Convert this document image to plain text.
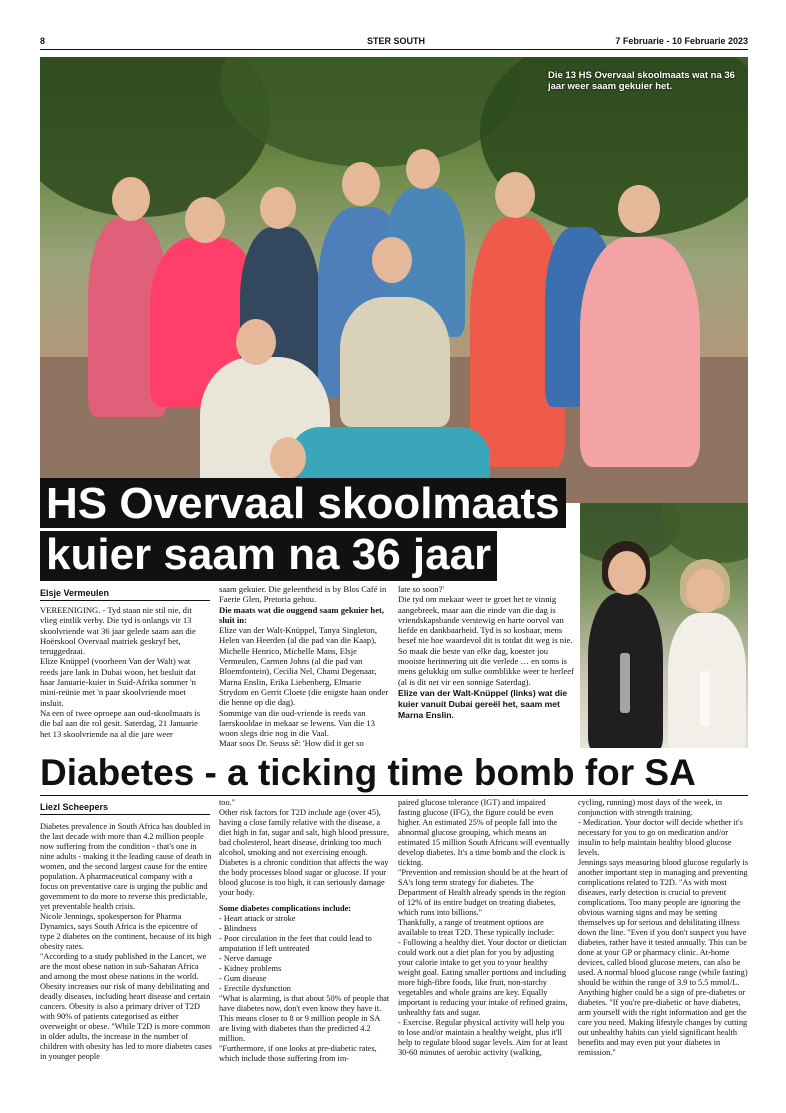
8	STER SOUTH	7 Februarie - 10 Februarie 2023
Die 13 HS Overvaal skoolmaats wat na 36 jaar weer saam gekuier het.
HS Overvaal skoolmaats
kuier saam na 36 jaar
Elsje Vermeulen

VEREENIGING. - Tyd staan nie stil nie, dit vlieg eintlik verby. Die tyd is onlangs vir 13 skoolvriende wat 36 jaar gelede saam aan die Hoërskool Overvaal matriek geskryf het, teruggedraai.

Elize Knüppel (voorheen Van der Walt) wat reeds jare lank in Dubai woon, het besluit dat haar Januarie-kuier in Suid-Afrika sommer 'n mini-reünie met 'n paar skoolvriende moet insluit.

Na een of twee oproepe aan oud-skoolmaats is die bal aan die rol gesit. Saterdag, 21 Januarie het 13 skoolvriende na al die jare weer

saam gekuier. Die geleentheid is by Blos Café in Faerie Glen, Pretoria gehou.

Die maats wat die ouggend saam gekuier het, sluit in:

Elize van der Walt-Knüppel, Tanya Singleton, Helen van Heerden (al die pad van die Kaap), Michelle Henrico, Michelle Mans, Elsje Vermeulen, Carmen Johns (al die pad van Bloemfontein), Cecilia Nel, Chami Degenaar, Marna Enslin, Erika Liebenberg, Elmarie Strydom en Gerrit Cloete (die enigste haan onder die henne op die dag).

Sommige van die oud-vriende is reeds van laerskooldae in mekaar se lewens. Van die 13 woon slegs drie nog in die Vaal.

Maar soos Dr. Seuss sê: 'How did it get so

late so soon?'

Die tyd om mekaar weer te groet het te vinnig aangebreek, maar aan die einde van die dag is vriendskapsbande verstewig en harte oorvol van liefde en dankbaarheid. Tyd is so kosbaar, mens besef nie hoe waardevol dit is totdat dit weg is nie.

So maak die beste van elke dag, koester jou mooiste herinnering uit die verlede … en soms is mens gelukkig om sulke oomblikke weer te herleef (al is dit net vir een sonnige Saterdag).

Elize van der Walt-Knüppel (links) wat die kuier vanuit Dubai gereël het, saam met Marna Enslin.
Diabetes - a ticking time bomb for SA
Liezl Scheepers

Diabetes prevalence in South Africa has doubled in the last decade with more than 4.2 million people now suffering from the condition - that's one in nine adults - making it the leading cause of death in women, and the second largest cause for the entire population. A pharmaceutical company with a focus on preventative care is urging the public and government to do more to reverse this predictable, yet preventable health crisis.

Nicole Jennings, spokesperson for Pharma Dynamics, says South Africa is the epicentre of type 2 diabetes on the continent, because of its high obesity rates.

"According to a study published in the Lancet, we are the most obese nation in sub-Saharan Africa and among the most obese nations in the world. Obesity increases our risk of many debilitating and deadly diseases, including heart disease and certain cancers. Obesity is also a primary driver of T2D with 90% of patients categorised as either overweight or obese. "While T2D is more common in older adults, the increase in the number of children with obesity has led to more diabetes cases in younger people

too."

Other risk factors for T2D include age (over 45), having a close family relative with the disease, a diet high in fat, sugar and salt, high blood pressure, bad cholesterol, heart disease, drinking too much alcohol, smoking and not exercising enough.

Diabetes is a chronic condition that affects the way the body processes blood sugar or glucose. If your blood glucose is too high, it can seriously damage your body.

Some diabetes complications include:

- Heart attack or stroke

- Blindness

- Poor circulation in the feet that could lead to amputation if left untreated

- Nerve damage

- Kidney problems

- Gum disease

- Erectile dysfunction

"What is alarming, is that about 50% of people that have diabetes now, don't even know they have it.

This means closer to 8 or 9 million people in SA are living with diabetes than the predicted 4.2 million.

"Furthermore, if one looks at pre-diabetic rates, which include those suffering from im-

paired glucose tolerance (IGT) and impaired fasting glucose (IFG), the figure could be even higher. An estimated 25% of people fall into the abnormal glucose grouping, which means an estimated 15 million South Africans will eventually develop diabetes. It's a time bomb and the clock is ticking.

"Prevention and remission should be at the heart of SA's long term strategy for diabetes. The Department of Health already spends in the region of 12% of its entire budget on treating diabetes, which runs into billions."

Thankfully, a range of treatment options are available to treat T2D. These typically include:

- Following a healthy diet. Your doctor or dietician could work out a diet plan for you by adjusting your calorie intake to get you to your healthy weight goal. Eating smaller portions and including more high-fibre foods, like fruit, non-starchy vegetables and whole grains are key. Equally important is reducing your intake of refined grains, unhealthy fats and sugar.

- Exercise. Regular physical activity will help you to lose and/or maintain a healthy weight, plus it'll help to regulate blood sugar levels. Aim for at least 30-60 minutes of aerobic activity (walking,

cycling, running) most days of the week, in conjunction with strength training.

- Medication. Your doctor will decide whether it's necessary for you to go on medication and/or insulin to help maintain healthy blood glucose levels.

Jennings says measuring blood glucose regularly is another important step in managing and preventing complications related to T2D. "As with most diseases, early detection is crucial to prevent complications. Too many people are ignoring the obvious warning signs and may be setting themselves up for serious and debilitating illness down the line. "Even if you don't suspect you have diabetes, rather have it tested annually. This can be done at your GP or pharmacy clinic. At-home devices, called blood glucose meters, can also be used. A normal blood glucose range (while fasting) should be within the range of 3.9 to 5.5 mmol/L. Anything higher could be a sign of pre-diabetes or diabetes. "If you're pre-diabetic or have diabetes, arm yourself with the right information and get the care you need. Making lifestyle changes by cutting out unhealthy habits can yield significant health benefits and may even put your diabetes in remission."
